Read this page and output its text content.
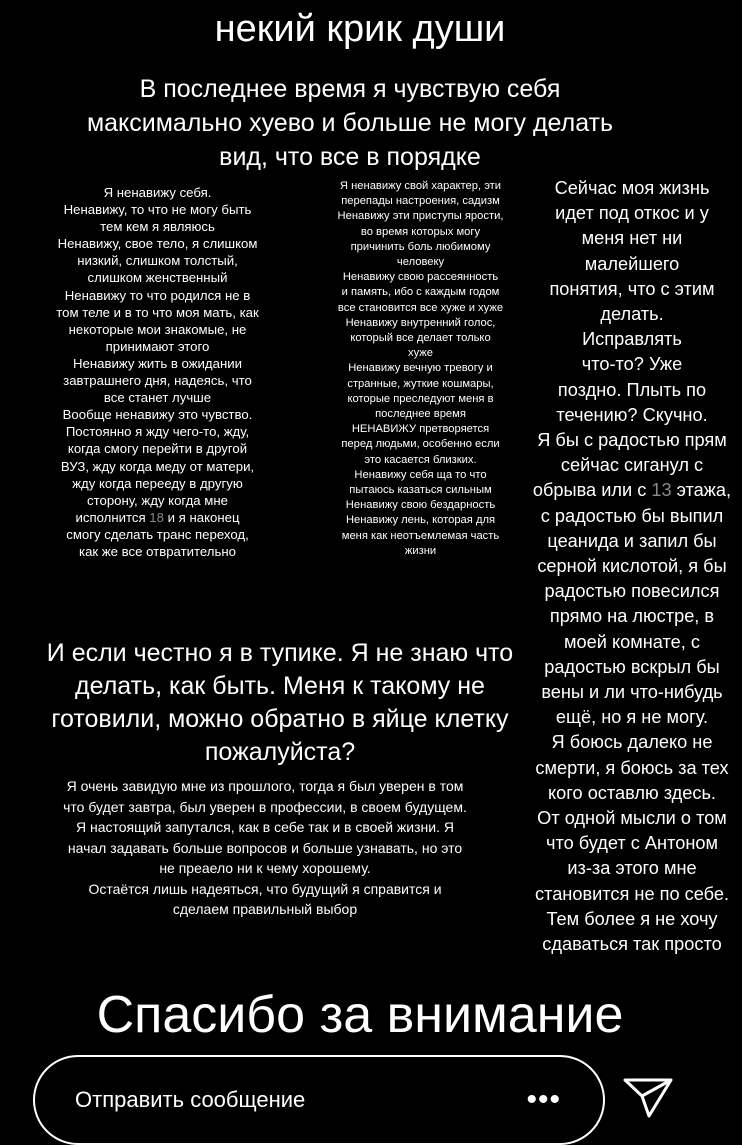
некий крик души
В последнее время я чувствую себя
максимально хуево и больше не могу делать
вид, что все в порядке
Я ненавижу себя.
Ненавижу, то что не могу быть
тем кем я являюсь
Ненавижу, свое тело, я слишком
низкий, слишком толстый,
слишком женственный
Ненавижу то что родился не в
том теле и в то что моя мать, как
некоторые мои знакомые, не
принимают этого
Ненавижу жить в ожидании
завтрашнего дня, надеясь, что
все станет лучше
Вообще ненавижу это чувство.
Постоянно я жду чего-то, жду,
когда смогу перейти в другой
ВУЗ, жду когда меду от матери,
жду когда перееду в другую
сторону, жду когда мне
исполнится 18 и я наконец
смогу сделать транс переход,
как же все отвратительно
Я ненавижу свой характер, эти
перепады настроения, садизм
Ненавижу эти приступы ярости,
во время которых могу
причинить боль любимому
человеку
Ненавижу свою рассеянность
и память, ибо с каждым годом
все становится все хуже и хуже
Ненавижу внутренний голос,
который все делает только
хуже
Ненавижу вечную тревогу и
странные, жуткие кошмары,
которые преследуют меня в
последнее время
НЕНАВИЖУ претворяется
перед людьми, особенно если
это касается близких.
Ненавижу себя ща то что
пытаюсь казаться сильным
Ненавижу свою бездарность
Ненавижу лень, которая для
меня как неотъемлемая часть
жизни
Сейчас моя жизнь
идет под откос и у
меня нет ни
малейшего
понятия, что с этим
делать.
Исправлять
что-то? Уже
поздно. Плыть по
течению? Скучно.
Я бы с радостью прям
сейчас сиганул с
обрыва или с 13 этажа,
с радостью бы выпил
цеанида и запил бы
серной кислотой, я бы
радостью повесился
прямо на люстре, в
моей комнате, с
радостью вскрыл бы
вены и ли что-нибудь
ещё, но я не могу.
Я боюсь далеко не
смерти, я боюсь за тех
кого оставлю здесь.
От одной мысли о том
что будет с Антоном
из-за этого мне
становится не по себе.
Тем более я не хочу
сдаваться так просто
И если честно я в тупике. Я не знаю что
делать, как быть. Меня к такому не
готовили, можно обратно в яйце клетку
пожалуйста?
Я очень завидую мне из прошлого, тогда я был уверен в том
что будет завтра, был уверен в профессии, в своем будущем.
Я настоящий запутался, как в себе так и в своей жизни. Я
начал задавать больше вопросов и больше узнавать, но это
не преаело ни к чему хорошему.
Остаётся лишь надеяться, что будущий я справится и
сделаем правильный выбор
Спасибо за внимание
Отправить сообщение	•••
